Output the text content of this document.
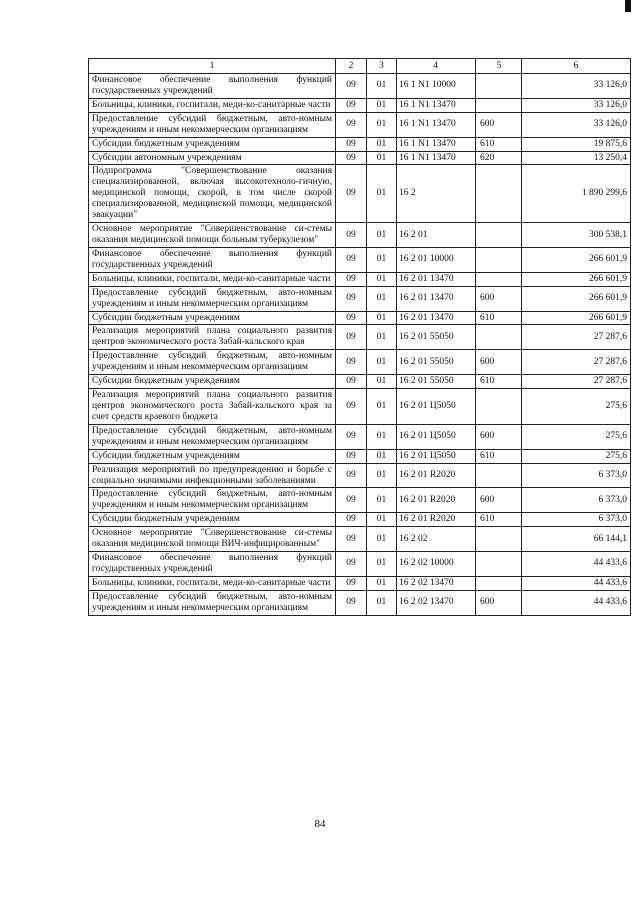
1	2	3	4	5	6
Финансовое обеспечение выполнения функций государственных учреждений	09	01	16 1 N1 10000		33 126,0
Больницы, клиники, госпитали, меди-ко-санитарные части	09	01	16 1 N1 13470		33 126,0
Предоставление субсидий бюджетным, авто-номным учреждениям и иным некоммерческим организациям	09	01	16 1 N1 13470	600	33 126,0
Субсидии бюджетным учреждениям	09	01	16 1 N1 13470	610	19 875,6
Субсидии автономным учреждениям	09	01	16 1 N1 13470	620	13 250,4
Подпрограмма "Совершенствование оказания специализированной, включая высокотехноло-гичную, медицинской помощи, скорой, в том числе скорой специализированной, медицинской помощи, медицинской эвакуации"	09	01	16 2		1 890 299,6
Основное мероприятие "Совершенствование си-стемы оказания медицинской помощи больным туберкулезом"	09	01	16 2 01		300 538,1
Финансовое обеспечение выполнения функций государственных учреждений	09	01	16 2 01 10000		266 601,9
Больницы, клиники, госпитали, меди-ко-санитарные части	09	01	16 2 01 13470		266 601,9
Предоставление субсидий бюджетным, авто-номным учреждениям и иным некоммерческим организациям	09	01	16 2 01 13470	600	266 601,9
Субсидии бюджетным учреждениям	09	01	16 2 01 13470	610	266 601,9
Реализация мероприятий плана социального развития центров экономического роста Забай-кальского края	09	01	16 2 01 55050		27 287,6
Предоставление субсидий бюджетным, авто-номным учреждениям и иным некоммерческим организациям	09	01	16 2 01 55050	600	27 287,6
Субсидии бюджетным учреждениям	09	01	16 2 01 55050	610	27 287,6
Реализация мероприятий плана социального развития центров экономического роста Забай-кальского края за счет средств краевого бюджета	09	01	16 2 01 Ц5050		275,6
Предоставление субсидий бюджетным, авто-номным учреждениям и иным некоммерческим организациям	09	01	16 2 01 Ц5050	600	275,6
Субсидии бюджетным учреждениям	09	01	16 2 01 Ц5050	610	275,6
Реализация мероприятий по предупреждению и борьбе с социально значимыми инфекционными заболеваниями	09	01	16 2 01 R2020		6 373,0
Предоставление субсидий бюджетным, авто-номным учреждениям и иным некоммерческим организациям	09	01	16 2 01 R2020	600	6 373,0
Субсидии бюджетным учреждениям	09	01	16 2 01 R2020	610	6 373,0
Основное мероприятие "Совершенствование си-стемы оказания медицинской помощи ВИЧ-инфицированным"	09	01	16 2 02		66 144,1
Финансовое обеспечение выполнения функций государственных учреждений	09	01	16 2 02 10000		44 433,6
Больницы, клиники, госпитали, меди-ко-санитарные части	09	01	16 2 02 13470		44 433,6
Предоставление субсидий бюджетным, авто-номным учреждениям и иным некоммерческим организациям	09	01	16 2 02 13470	600	44 433,6
84
